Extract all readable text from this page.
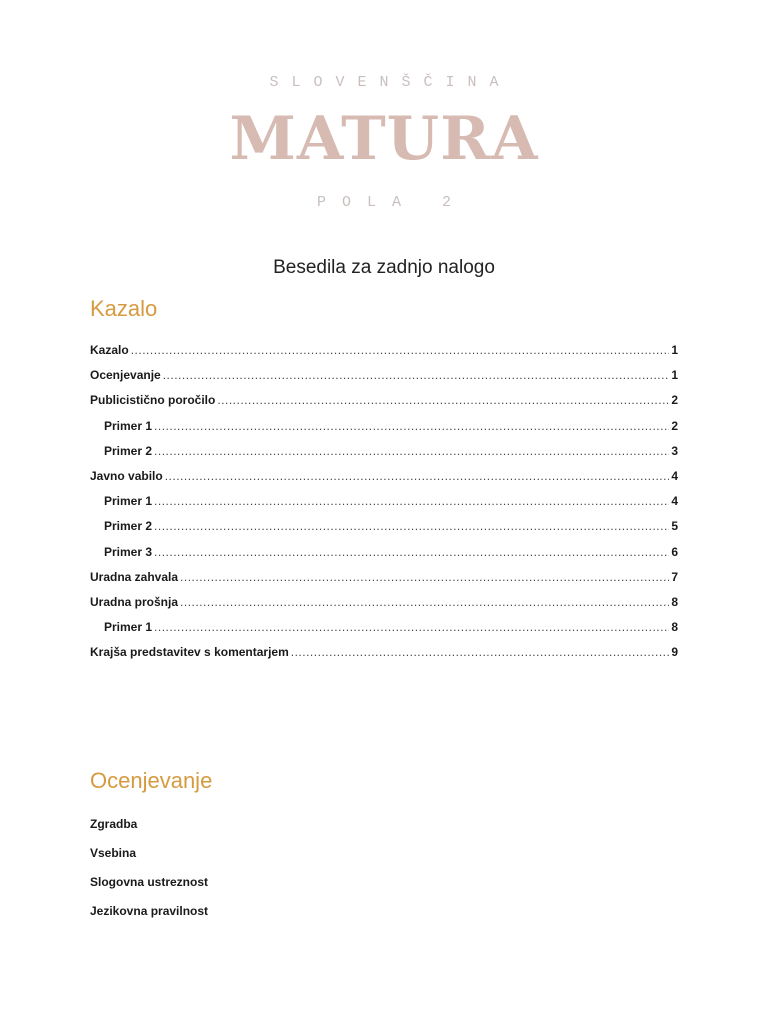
SLOVENŠČINA
MATURA
POLA 2
Besedila za zadnjo nalogo
Kazalo
Kazalo .....	1
Ocenjevanje .....	1
Publicistično poročilo .....	2
Primer 1 .....	2
Primer 2 .....	3
Javno vabilo .....	4
Primer 1 .....	4
Primer 2 .....	5
Primer 3 .....	6
Uradna zahvala .....	7
Uradna prošnja .....	8
Primer 1 .....	8
Krajša predstavitev s komentarjem .....	9
Ocenjevanje
Zgradba
Vsebina
Slogovna ustreznost
Jezikovna pravilnost
